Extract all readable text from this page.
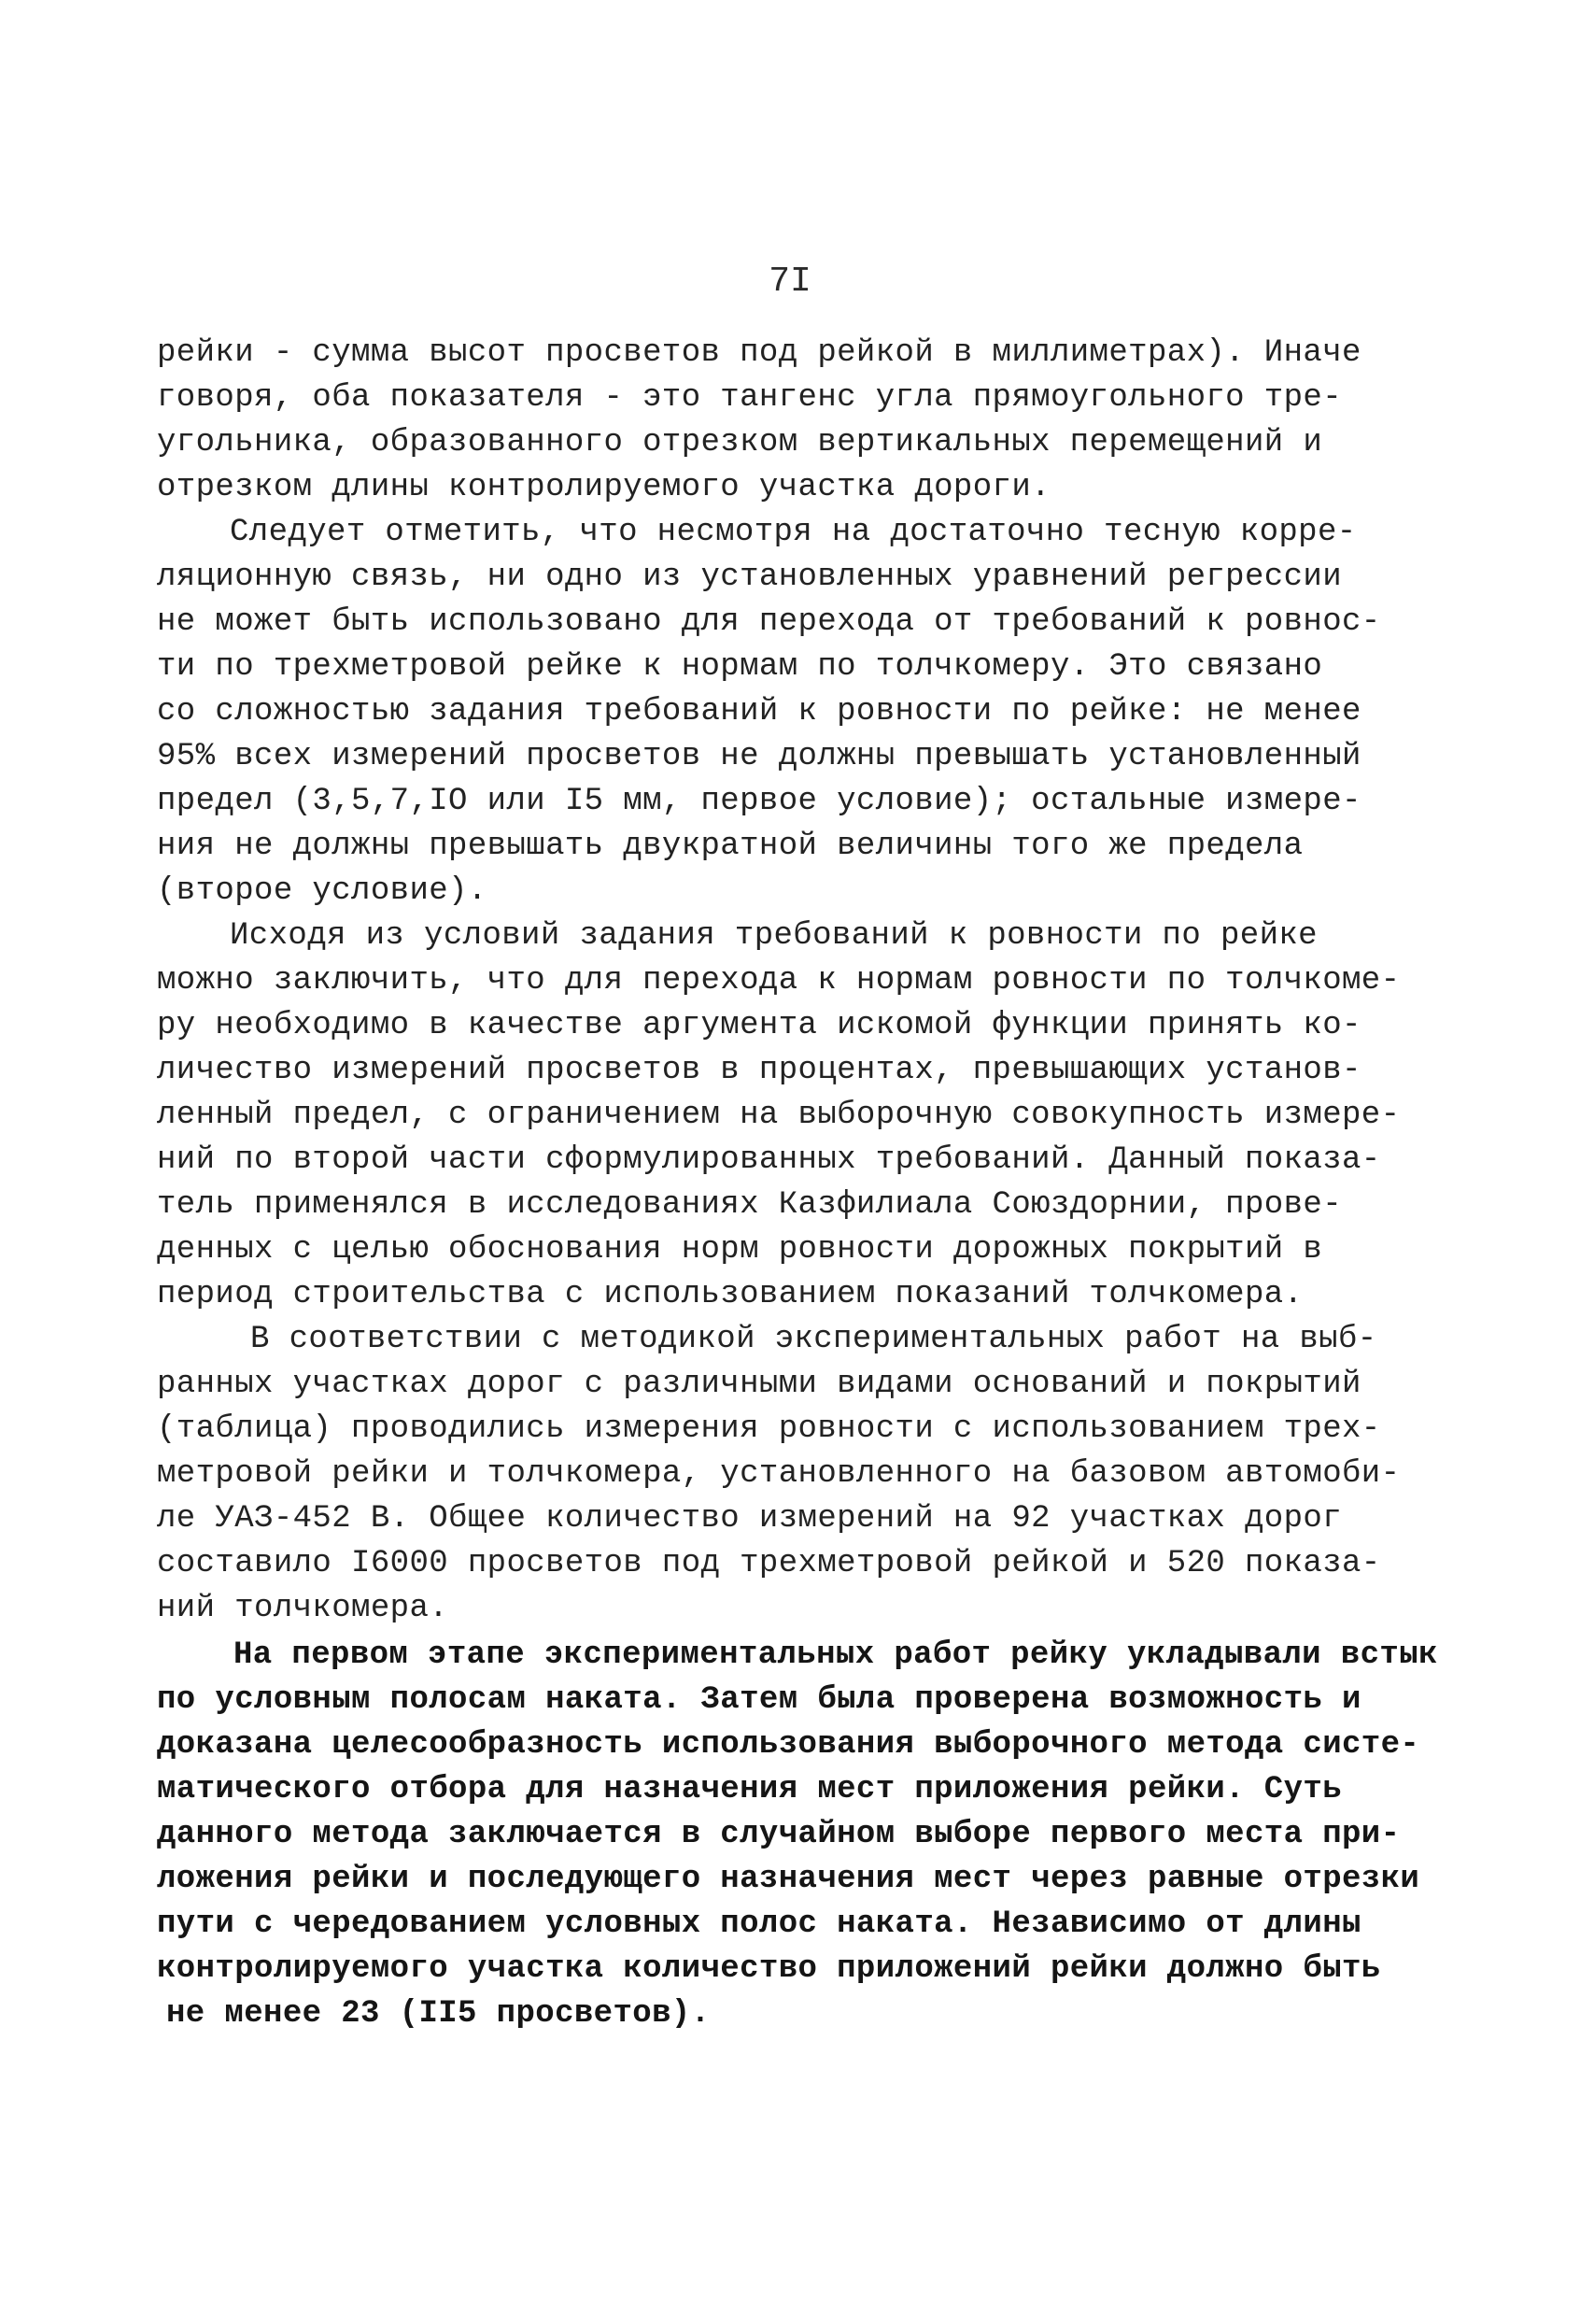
7I
рейки - сумма высот просветов под рейкой в миллиметрах). Иначе
говоря, оба показателя - это тангенс угла прямоугольного тре-
угольника, образованного отрезком вертикальных перемещений и
отрезком длины контролируемого участка дороги.
Следует отметить, что несмотря на достаточно тесную корре-
ляционную связь, ни одно из установленных уравнений регрессии
не может быть использовано для перехода от требований к ровнос-
ти по трехметровой рейке к нормам по толчкомеру. Это связано
со сложностью задания требований к ровности по рейке: не менее
95% всех измерений просветов не должны превышать установленный
предел (3,5,7,IO или I5 мм, первое условие); остальные измере-
ния не должны превышать двукратной величины того же предела
(второе условие).
Исходя из условий задания требований к ровности по рейке
можно заключить, что для перехода к нормам ровности по толчкоме-
ру необходимо в качестве аргумента искомой функции принять ко-
личество измерений просветов в процентах, превышающих установ-
ленный предел, с ограничением на выборочную совокупность измере-
ний по второй части сформулированных требований. Данный показа-
тель применялся в исследованиях Казфилиала Союздорнии, прове-
денных с целью обоснования норм ровности дорожных покрытий в
период строительства с использованием показаний толчкомера.
В соответствии с методикой экспериментальных работ на выб-
ранных участках дорог с различными видами оснований и покрытий
(таблица) проводились измерения ровности с использованием трех-
метровой рейки и толчкомера, установленного на базовом автомоби-
ле УАЗ-452 В. Общее количество измерений на 92 участках дорог
составило I6000 просветов под трехметровой рейкой и 520 показа-
ний толчкомера.
На первом этапе экспериментальных работ рейку укладывали встык
по условным полосам наката. Затем была проверена возможность и
доказана целесообразность использования выборочного метода систе-
матического отбора для назначения мест приложения рейки. Суть
данного метода заключается в случайном выборе первого места при-
ложения рейки и последующего назначения мест через равные отрезки
пути с чередованием условных полос наката. Независимо от длины
контролируемого участка количество приложений рейки должно быть
не менее 23 (II5 просветов).
